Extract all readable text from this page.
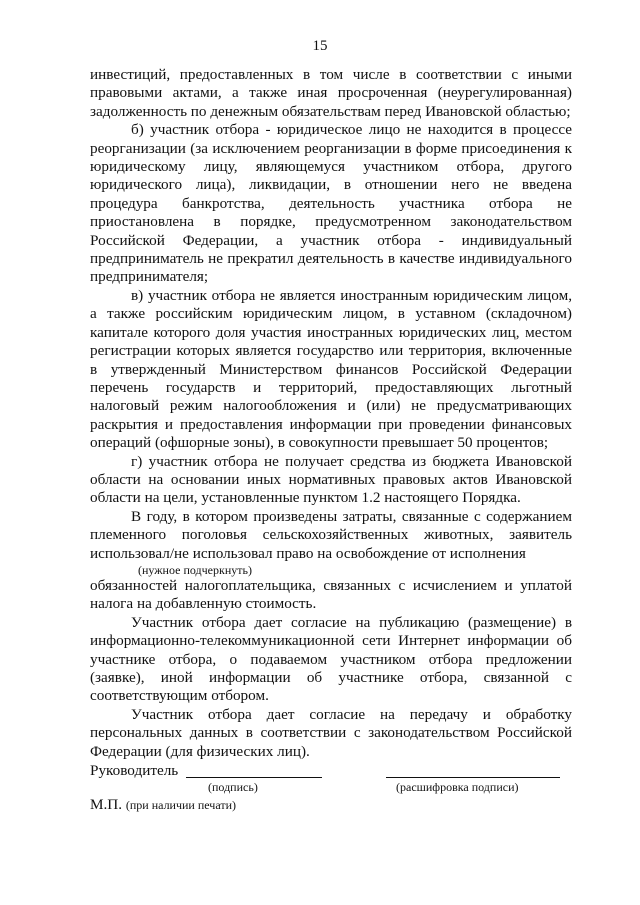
15

инвестиций, предоставленных в том числе в соответствии с иными правовыми актами, а также иная просроченная (неурегулированная) задолженность по денежным обязательствам перед Ивановской областью;

б) участник отбора - юридическое лицо не находится в процессе реорганизации (за исключением реорганизации в форме присоединения к юридическому лицу, являющемуся участником отбора, другого юридического лица), ликвидации, в отношении него не введена процедура банкротства, деятельность участника отбора не приостановлена в порядке, предусмотренном законодательством Российской Федерации, а участник отбора - индивидуальный предприниматель не прекратил деятельность в качестве индивидуального предпринимателя;

в) участник отбора не является иностранным юридическим лицом, а также российским юридическим лицом, в уставном (складочном) капитале которого доля участия иностранных юридических лиц, местом регистрации которых является государство или территория, включенные в утвержденный Министерством финансов Российской Федерации перечень государств и территорий, предоставляющих льготный налоговый режим налогообложения и (или) не предусматривающих раскрытия и предоставления информации при проведении финансовых операций (офшорные зоны), в совокупности превышает 50 процентов;

г) участник отбора не получает средства из бюджета Ивановской области на основании иных нормативных правовых актов Ивановской области на цели, установленные пунктом 1.2 настоящего Порядка.

В году, в котором произведены затраты, связанные с содержанием племенного поголовья сельскохозяйственных животных, заявитель использовал/не использовал право на освобождение от исполнения

(нужное подчеркнуть)

обязанностей налогоплательщика, связанных с исчислением и уплатой налога на добавленную стоимость.

Участник отбора дает согласие на публикацию (размещение) в информационно-телекоммуникационной сети Интернет информации об участнике отбора, о подаваемом участником отбора предложении (заявке), иной информации об участнике отбора, связанной с соответствующим отбором.

Участник отбора дает согласие на передачу и обработку персональных данных в соответствии с законодательством Российской Федерации (для физических лиц).

Руководитель
(подпись)	(расшифровка подписи)
М.П. (при наличии печати)
